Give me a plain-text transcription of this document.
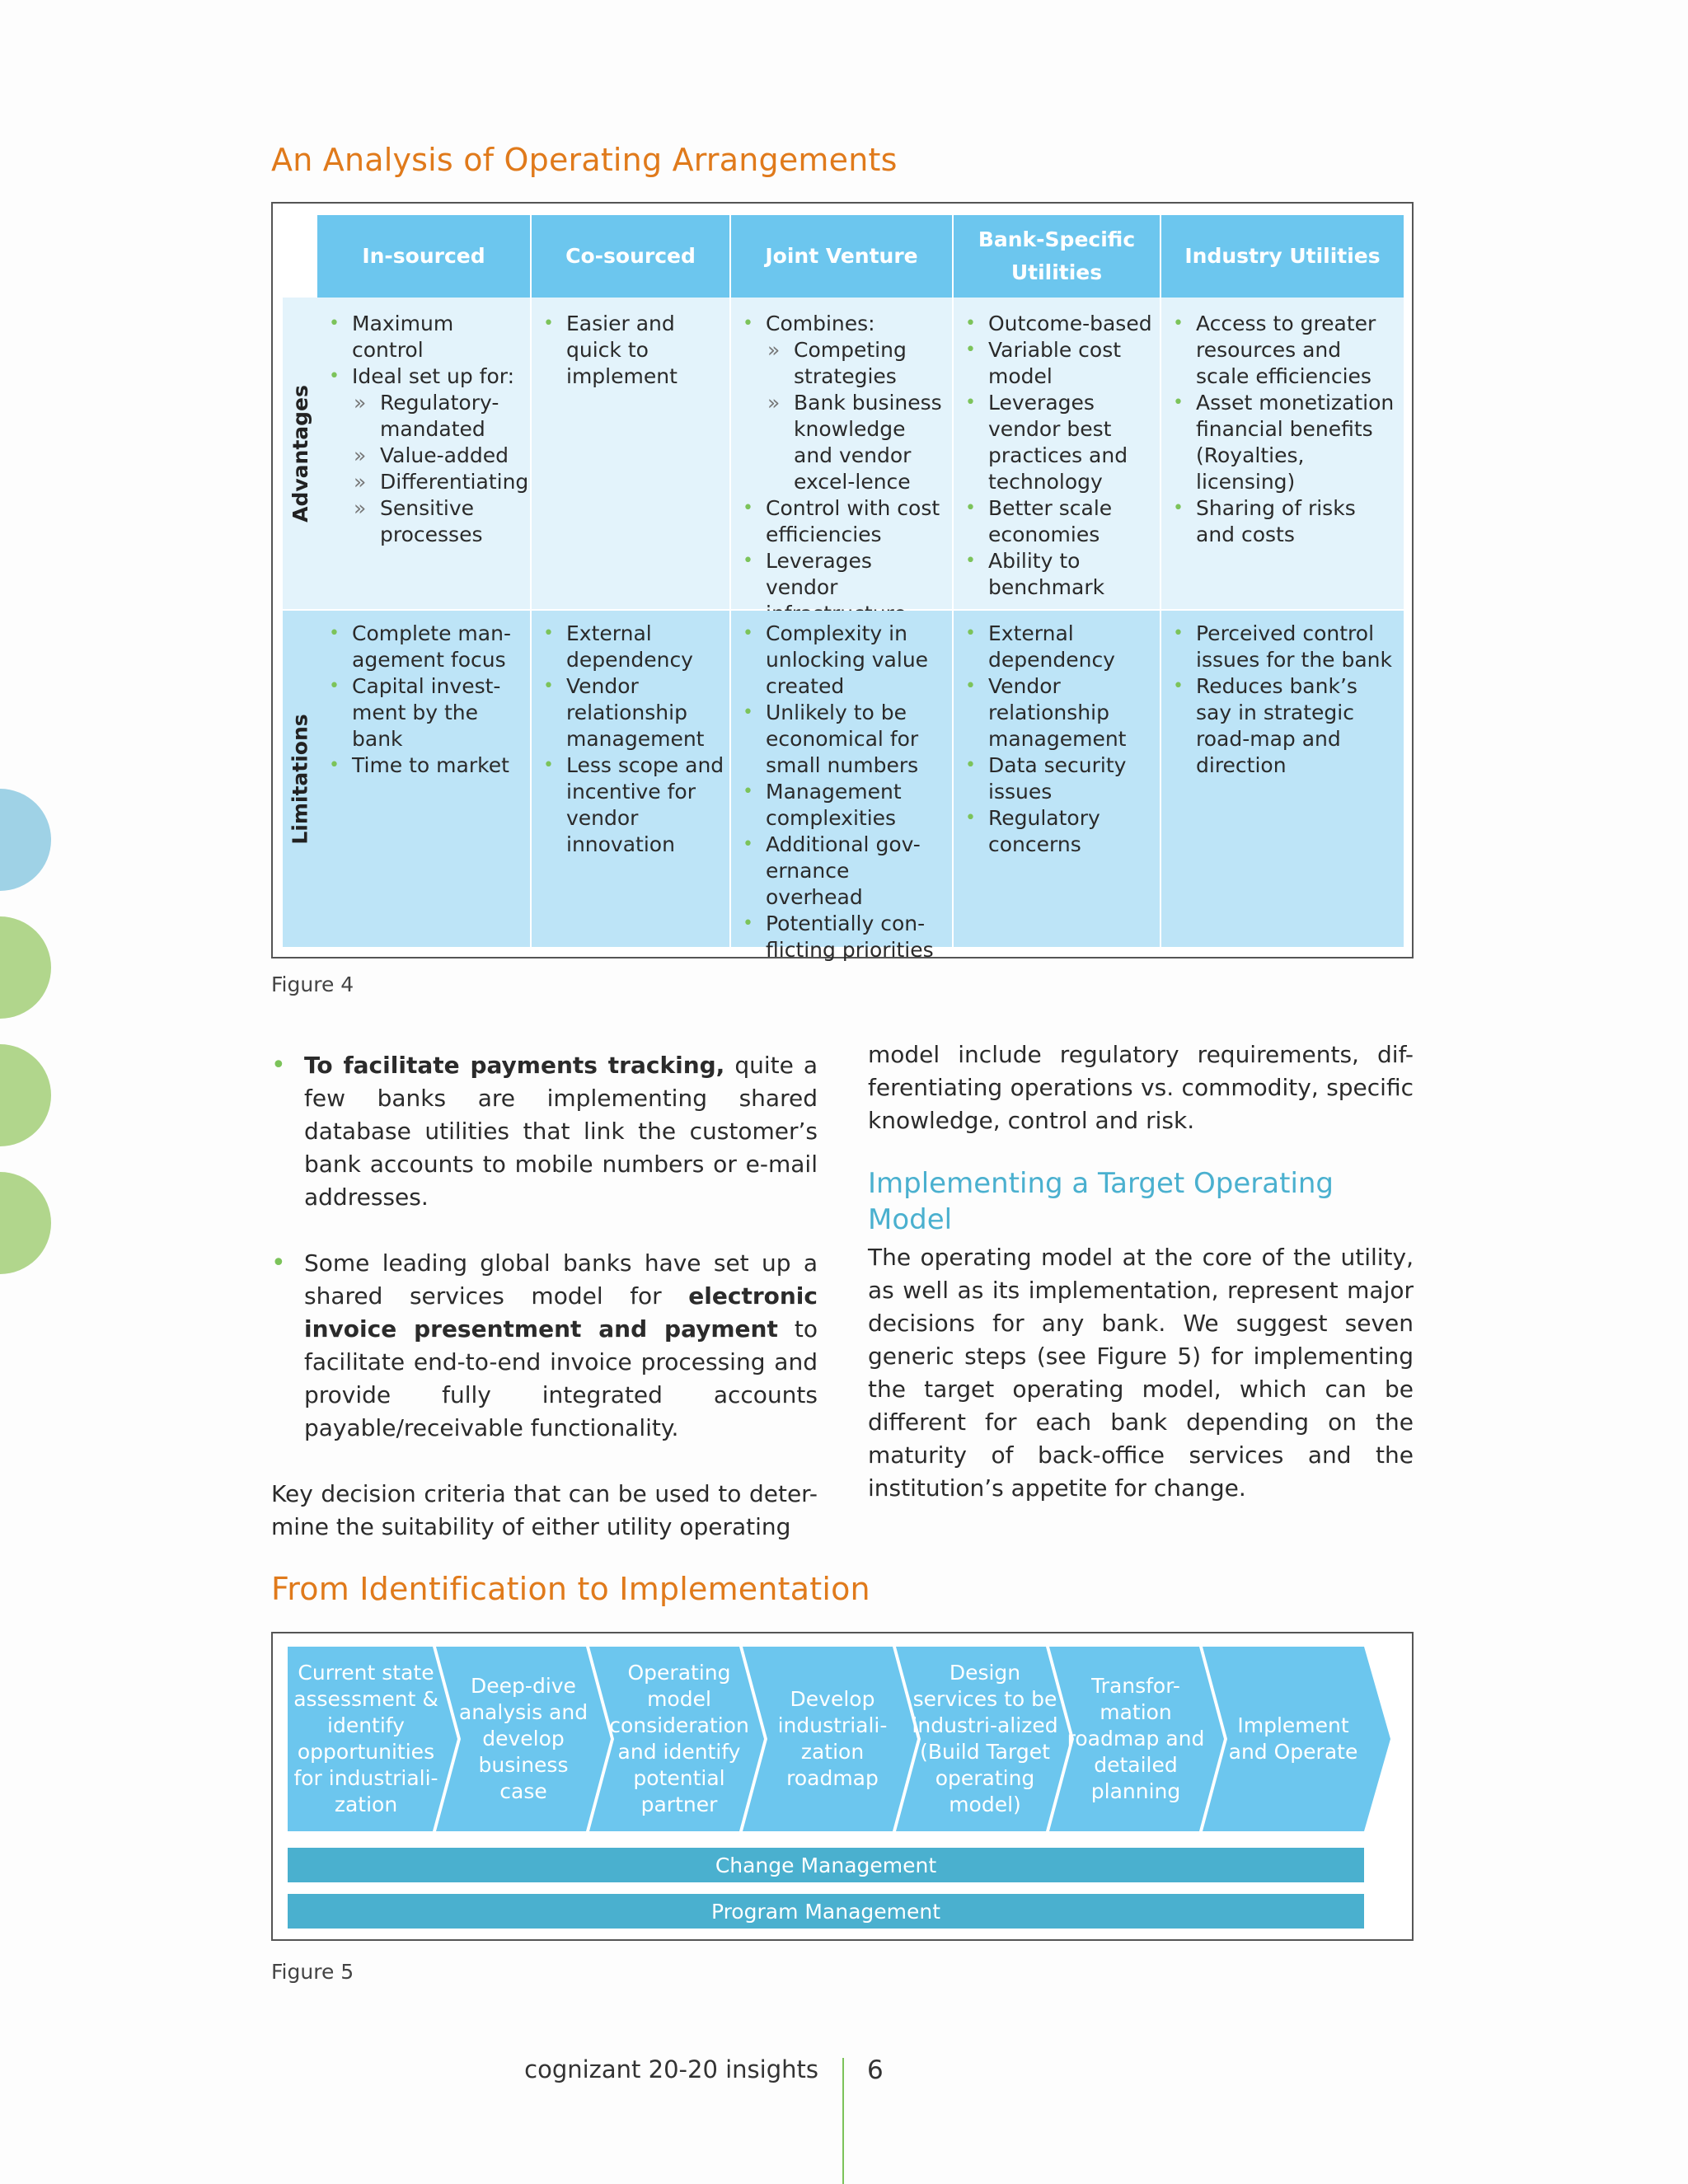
An Analysis of Operating Arrangements
In-sourced	Co-sourced	Joint Venture
Bank-Specific Utilities
Industry Utilities
Advantages
Limitations
• Maximum control
• Ideal set up for:
» Regulatory-mandated
» Value-added
» Differentiating
» Sensitive processes
• Easier and quick to implement
• Combines:
» Competing strategies
» Bank business knowledge and vendor excel-lence
• Control with cost efficiencies
• Leverages vendor
• Outcome-based
• Variable cost model
• Leverages vendor best practices and technology
• Better scale economies
• Ability to benchmark
• Access to greater resources and scale efficiencies
• Asset monetization financial benefits (Royalties, licensing)
• Sharing of risks and costs
• Complete man-agement focus
• Capital invest-ment by the bank
• Time to market
• External dependency
• Vendor relationship management
• Less scope and incentive for vendor innovation
• Complexity in unlocking value created
• Unlikely to be economical for small numbers
• Management complexities
• Additional gov-ernance overhead
• Potentially con-flicting priorities
• External dependency
• Vendor relationship management
• Data security issues
• Regulatory concerns
• Perceived control issues for the bank
• Reduces bank’s say in strategic road-map and direction
Figure 4

• To facilitate payments tracking, quite a few banks are implementing shared database utilities that link the customer’s bank accounts to mobile numbers or e-mail addresses.

• Some leading global banks have set up a shared services model for electronic invoice presentment and payment to facilitate end-to-end invoice processing and provide fully integrated accounts payable/receivable functionality.

Key decision criteria that can be used to deter-mine the suitability of either utility operating

model include regulatory requirements, dif-ferentiating operations vs. commodity, specific knowledge, control and risk.

Implementing a Target Operating Model

The operating model at the core of the utility, as well as its implementation, represent major decisions for any bank. We suggest seven generic steps (see Figure 5) for implementing the target operating model, which can be different for each bank depending on the maturity of back-office services and the institution’s appetite for change.

From Identification to Implementation
Current state assessment & identify opportunities for industriali-zation
Deep-dive analysis and develop business case
Operating model consideration and identify potential partner
Develop industriali-zation roadmap
Design services to be industri-alized (Build Target operating model)
Transfor-mation roadmap and detailed planning
Implement and Operate
Change Management
Program Management
Figure 5
cognizant 20-20 insights 6
